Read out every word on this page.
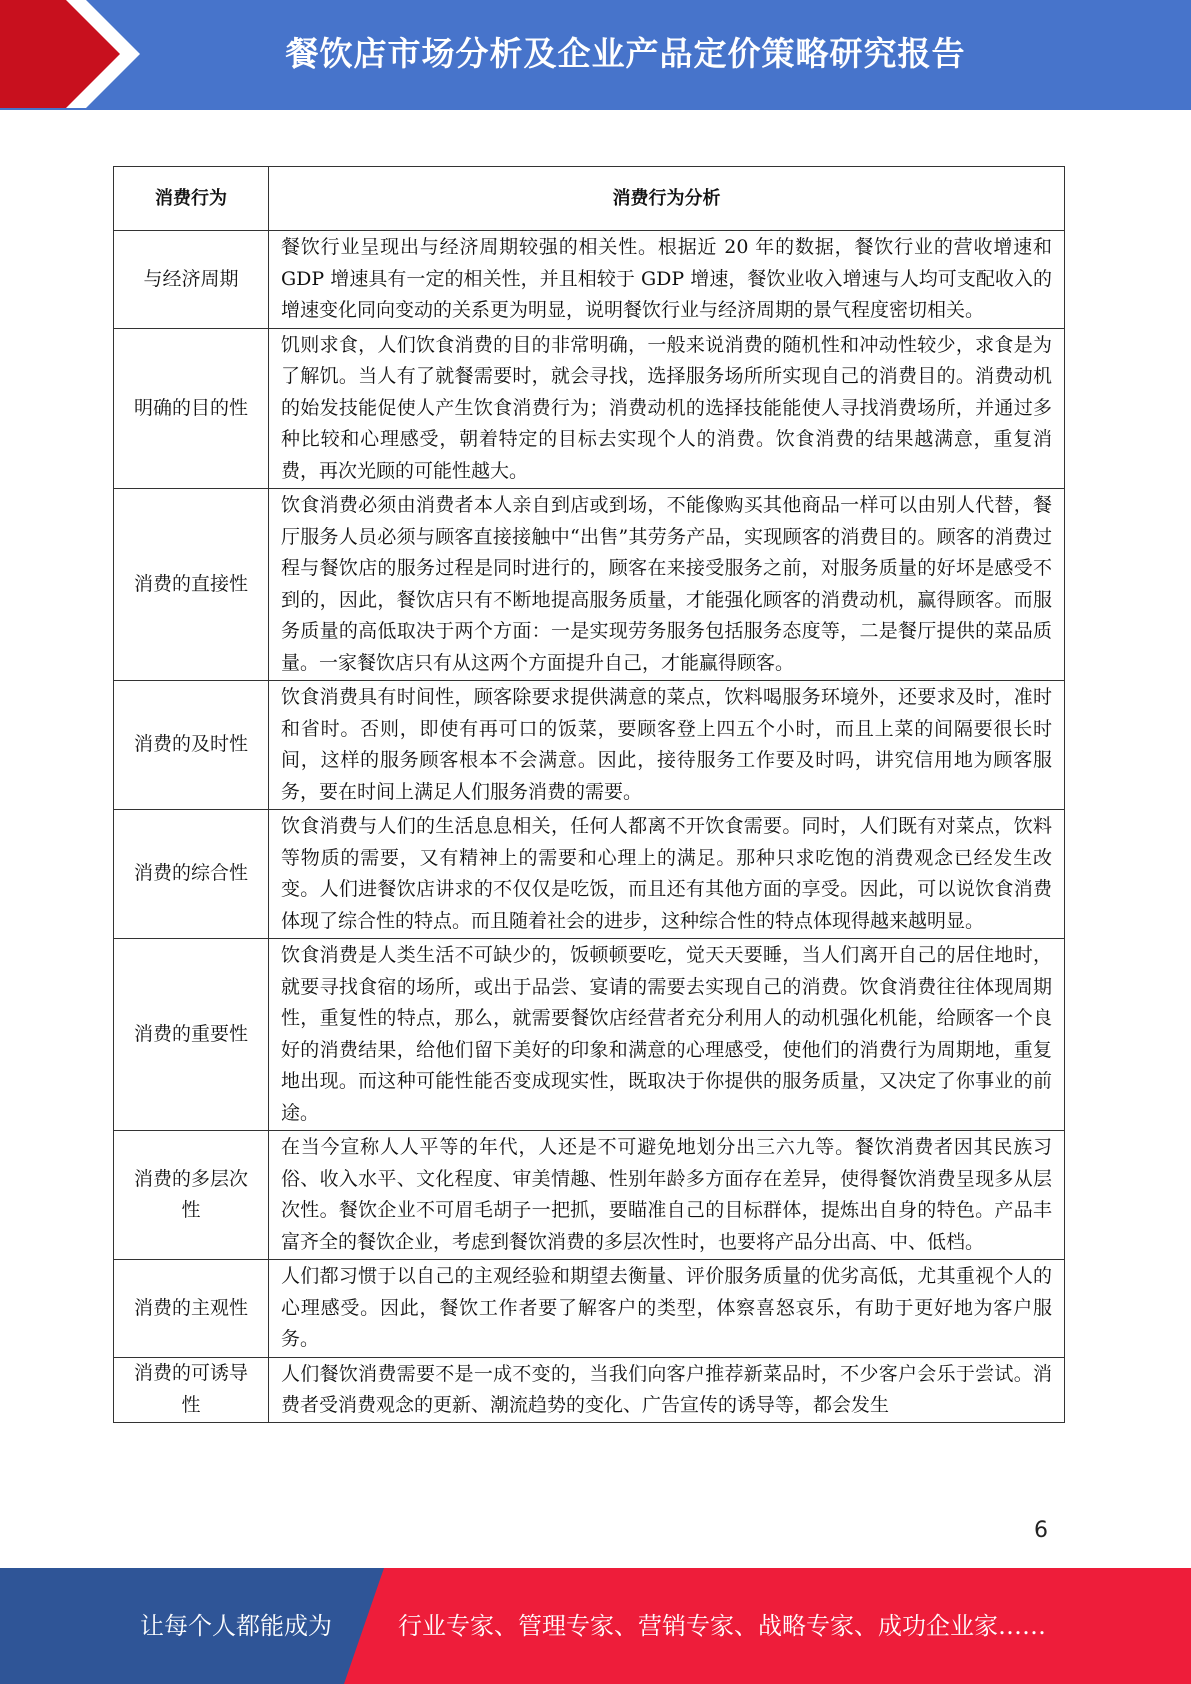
餐饮店市场分析及企业产品定价策略研究报告
消费行为	消费行为分析
与经济周期	餐饮行业呈现出与经济周期较强的相关性。根据近 20 年的数据，餐饮行业的营收增速和 GDP 增速具有一定的相关性，并且相较于 GDP 增速，餐饮业收入增速与人均可支配收入的增速变化同向变动的关系更为明显，说明餐饮行业与经济周期的景气程度密切相关。
明确的目的性	饥则求食，人们饮食消费的目的非常明确，一般来说消费的随机性和冲动性较少，求食是为了解饥。当人有了就餐需要时，就会寻找，选择服务场所所实现自己的消费目的。消费动机的始发技能促使人产生饮食消费行为；消费动机的选择技能能使人寻找消费场所，并通过多种比较和心理感受，朝着特定的目标去实现个人的消费。饮食消费的结果越满意，重复消费，再次光顾的可能性越大。
消费的直接性	饮食消费必须由消费者本人亲自到店或到场，不能像购买其他商品一样可以由别人代替，餐厅服务人员必须与顾客直接接触中“出售”其劳务产品，实现顾客的消费目的。顾客的消费过程与餐饮店的服务过程是同时进行的，顾客在来接受服务之前，对服务质量的好坏是感受不到的，因此，餐饮店只有不断地提高服务质量，才能强化顾客的消费动机，赢得顾客。而服务质量的高低取决于两个方面：一是实现劳务服务包括服务态度等，二是餐厅提供的菜品质量。一家餐饮店只有从这两个方面提升自己，才能赢得顾客。
消费的及时性	饮食消费具有时间性，顾客除要求提供满意的菜点，饮料喝服务环境外，还要求及时，准时和省时。否则，即使有再可口的饭菜，要顾客登上四五个小时，而且上菜的间隔要很长时间，这样的服务顾客根本不会满意。因此，接待服务工作要及时吗，讲究信用地为顾客服务，要在时间上满足人们服务消费的需要。
消费的综合性	饮食消费与人们的生活息息相关，任何人都离不开饮食需要。同时，人们既有对菜点，饮料等物质的需要，又有精神上的需要和心理上的满足。那种只求吃饱的消费观念已经发生改变。人们进餐饮店讲求的不仅仅是吃饭，而且还有其他方面的享受。因此，可以说饮食消费体现了综合性的特点。而且随着社会的进步，这种综合性的特点体现得越来越明显。
消费的重要性	饮食消费是人类生活不可缺少的，饭顿顿要吃，觉天天要睡，当人们离开自己的居住地时，就要寻找食宿的场所，或出于品尝、宴请的需要去实现自己的消费。饮食消费往往体现周期性，重复性的特点，那么，就需要餐饮店经营者充分利用人的动机强化机能，给顾客一个良好的消费结果，给他们留下美好的印象和满意的心理感受，使他们的消费行为周期地，重复地出现。而这种可能性能否变成现实性，既取决于你提供的服务质量，又决定了你事业的前途。
消费的多层次性	在当今宣称人人平等的年代，人还是不可避免地划分出三六九等。餐饮消费者因其民族习俗、收入水平、文化程度、审美情趣、性别年龄多方面存在差异，使得餐饮消费呈现多从层次性。餐饮企业不可眉毛胡子一把抓，要瞄准自己的目标群体，提炼出自身的特色。产品丰富齐全的餐饮企业，考虑到餐饮消费的多层次性时，也要将产品分出高、中、低档。
消费的主观性	人们都习惯于以自己的主观经验和期望去衡量、评价服务质量的优劣高低，尤其重视个人的心理感受。因此，餐饮工作者要了解客户的类型，体察喜怒哀乐，有助于更好地为客户服务。
消费的可诱导性	人们餐饮消费需要不是一成不变的，当我们向客户推荐新菜品时，不少客户会乐于尝试。消费者受消费观念的更新、潮流趋势的变化、广告宣传的诱导等，都会发生
6
让每个人都能成为	行业专家、管理专家、营销专家、战略专家、成功企业家……
